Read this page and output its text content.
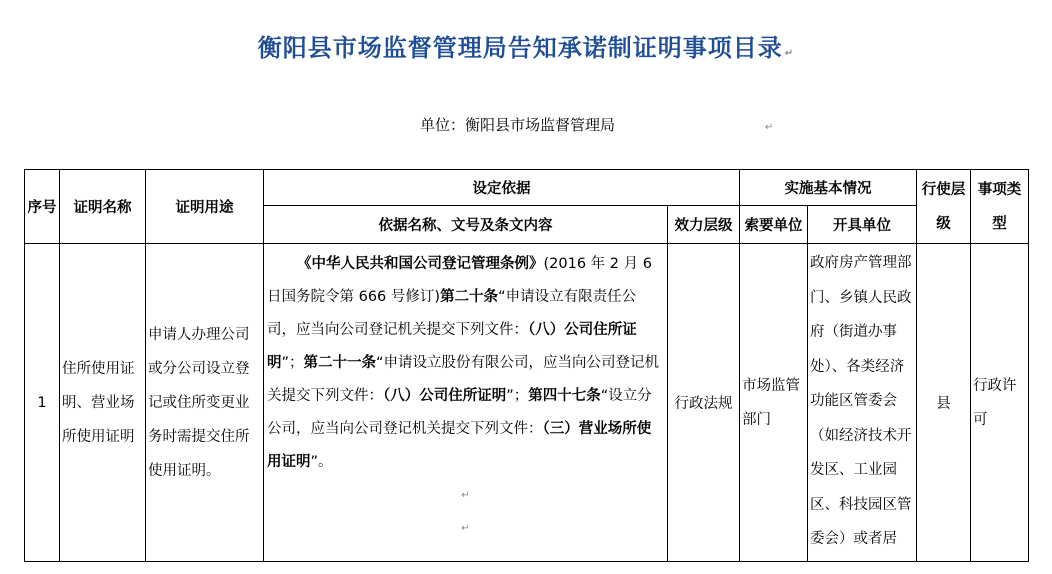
衡阳县市场监督管理局告知承诺制证明事项目录 ↵
单位：衡阳县市场监督管理局	↵
序号	证明名称	证明用途	设定依据		实施基本情况		行使层级	事项类型
			依据名称、文号及条文内容	效力层级	索要单位	开具单位		
1	住所使用证明、营业场所使用证明	申请人办理公司或分公司设立登记或住所变更业务时需提交住所使用证明。	《中华人民共和国公司登记管理条例》(2016 年 2 月 6 日国务院令第 666 号修订)第二十条“申请设立有限责任公司，应当向公司登记机关提交下列文件：（八）公司住所证明”；第二十一条“申请设立股份有限公司，应当向公司登记机关提交下列文件：（八）公司住所证明”；第四十七条“设立分公司，应当向公司登记机关提交下列文件：（三）营业场所使用证明”。
↵
↵	行政法规	市场监管部门	政府房产管理部门、乡镇人民政府（街道办事处）、各类经济功能区管委会（如经济技术开发区、工业园区、科技园区管委会）或者居	县	行政许可
